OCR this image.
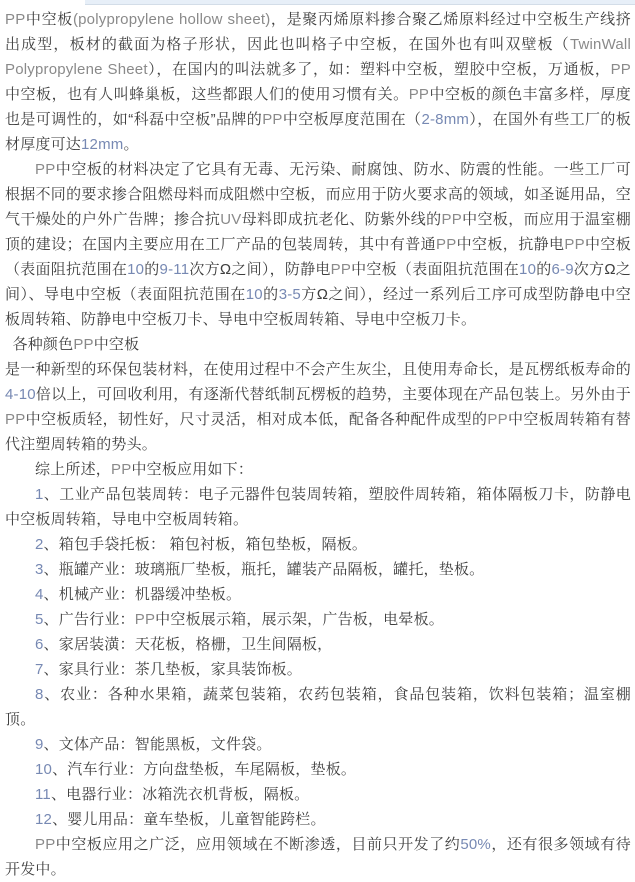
PP中空板(polypropylene hollow sheet)，是聚丙烯原料掺合聚乙烯原料经过中空板生产线挤出成型，板材的截面为格子形状，因此也叫格子中空板，在国外也有叫双壁板（TwinWall Polypropylene Sheet），在国内的叫法就多了，如：塑料中空板，塑胶中空板，万通板，PP中空板，也有人叫蜂巢板，这些都跟人们的使用习惯有关。PP中空板的颜色丰富多样，厚度也是可调性的，如“科磊中空板”品牌的PP中空板厚度范围在（2-8mm），在国外有些工厂的板材厚度可达12mm。

PP中空板的材料决定了它具有无毒、无污染、耐腐蚀、防水、防震的性能。一些工厂可根据不同的要求掺合阻燃母料而成阻燃中空板，而应用于防火要求高的领域，如圣诞用品，空气干燥处的户外广告牌；掺合抗UV母料即成抗老化、防紫外线的PP中空板，而应用于温室棚顶的建设；在国内主要应用在工厂产品的包装周转，其中有普通PP中空板，抗静电PP中空板（表面阻抗范围在10的9-11次方Ω之间），防静电PP中空板（表面阻抗范围在10的6-9次方Ω之间）、导电中空板（表面阻抗范围在10的3-5方Ω之间），经过一系列后工序可成型防静电中空板周转箱、防静电中空板刀卡、导电中空板周转箱、导电中空板刀卡。

各种颜色PP中空板

是一种新型的环保包装材料，在使用过程中不会产生灰尘，且使用寿命长，是瓦楞纸板寿命的4-10倍以上，可回收利用，有逐渐代替纸制瓦楞板的趋势，主要体现在产品包装上。另外由于PP中空板质轻，韧性好，尺寸灵活，相对成本低，配备各种配件成型的PP中空板周转箱有替代注塑周转箱的势头。

综上所述，PP中空板应用如下：

1、工业产品包装周转：电子元器件包装周转箱，塑胶件周转箱，箱体隔板刀卡，防静电中空板周转箱，导电中空板周转箱。

2、箱包手袋托板： 箱包衬板，箱包垫板，隔板。

3、瓶罐产业：玻璃瓶厂垫板，瓶托，罐装产品隔板，罐托，垫板。

4、机械产业：机器缓冲垫板。

5、广告行业：PP中空板展示箱，展示架，广告板，电晕板。

6、家居装潢：天花板，格栅，卫生间隔板，

7、家具行业：茶几垫板，家具装饰板。

8、农业：各种水果箱，蔬菜包装箱，农药包装箱，食品包装箱，饮料包装箱；温室棚顶。

9、文体产品：智能黑板，文件袋。

10、汽车行业：方向盘垫板，车尾隔板，垫板。

11、电器行业：冰箱洗衣机背板，隔板。

12、婴儿用品：童车垫板，儿童智能跨栏。

PP中空板应用之广泛，应用领域在不断渗透，目前只开发了约50%，还有很多领域有待开发中。
